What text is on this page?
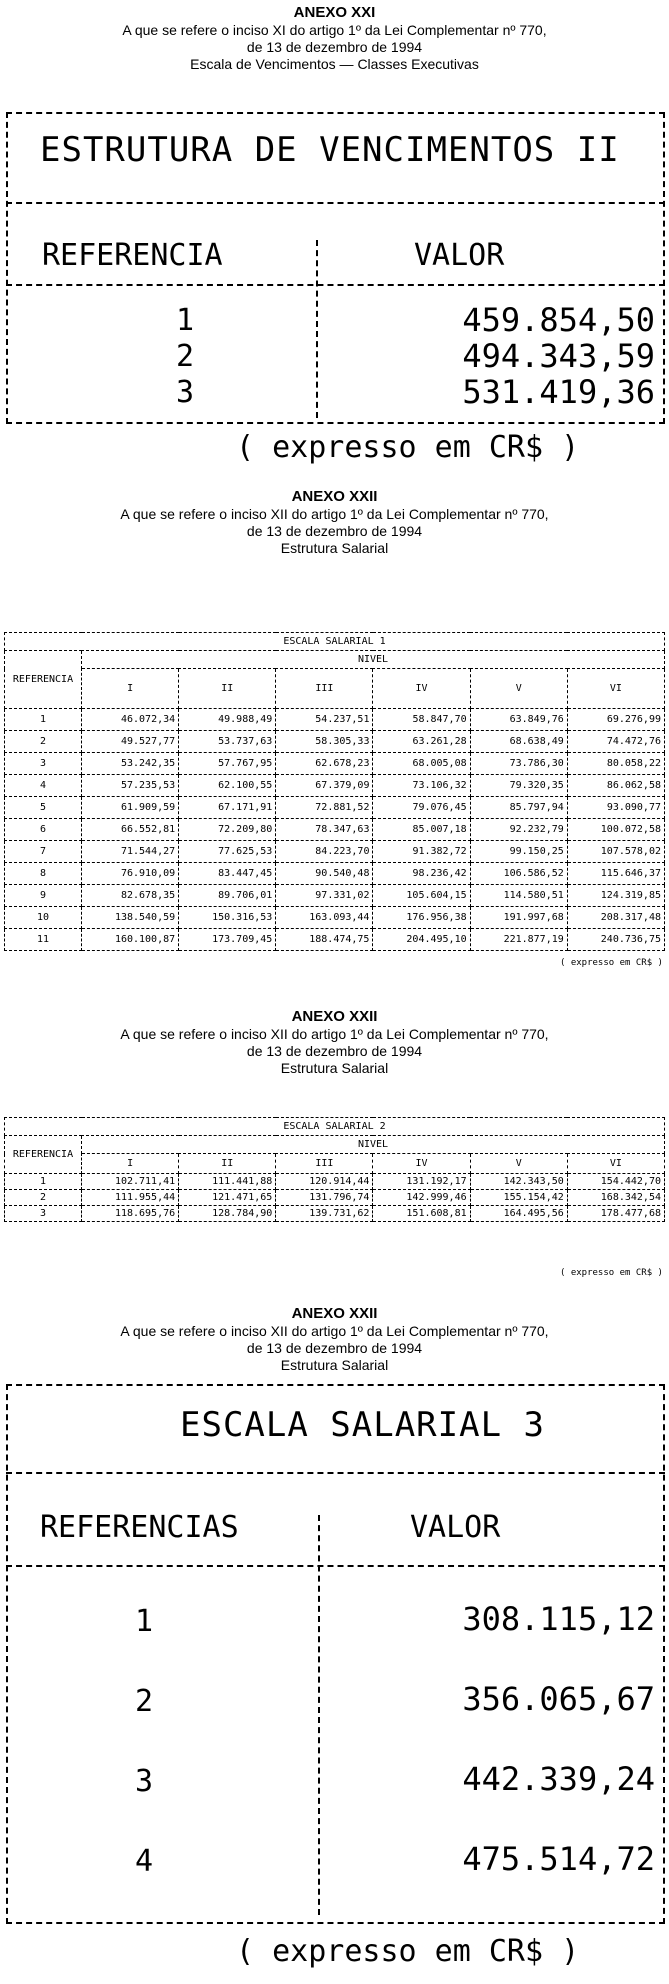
ANEXO XXI
A que se refere o inciso XI do artigo 1º da Lei Complementar nº 770,
de 13 de dezembro de 1994
Escala de Vencimentos — Classes Executivas
ESTRUTURA DE VENCIMENTOS II
REFERENCIA	VALOR
1	459.854,50
2	494.343,59
3	531.419,36
( expresso em CR$ )
ANEXO XXII
A que se refere o inciso XII do artigo 1º da Lei Complementar nº 770,
de 13 de dezembro de 1994
Estrutura Salarial
ESCALA SALARIAL 1						
REFERENCIA	NIVEL					
	I	II	III	IV	V	VI
1	46.072,34	49.988,49	54.237,51	58.847,70	63.849,76	69.276,99
2	49.527,77	53.737,63	58.305,33	63.261,28	68.638,49	74.472,76
3	53.242,35	57.767,95	62.678,23	68.005,08	73.786,30	80.058,22
4	57.235,53	62.100,55	67.379,09	73.106,32	79.320,35	86.062,58
5	61.909,59	67.171,91	72.881,52	79.076,45	85.797,94	93.090,77
6	66.552,81	72.209,80	78.347,63	85.007,18	92.232,79	100.072,58
7	71.544,27	77.625,53	84.223,70	91.382,72	99.150,25	107.578,02
8	76.910,09	83.447,45	90.540,48	98.236,42	106.586,52	115.646,37
9	82.678,35	89.706,01	97.331,02	105.604,15	114.580,51	124.319,85
10	138.540,59	150.316,53	163.093,44	176.956,38	191.997,68	208.317,48
11	160.100,87	173.709,45	188.474,75	204.495,10	221.877,19	240.736,75
( expresso em CR$ )
ANEXO XXII
A que se refere o inciso XII do artigo 1º da Lei Complementar nº 770,
de 13 de dezembro de 1994
Estrutura Salarial
ESCALA SALARIAL 2						
REFERENCIA	NIVEL					
	I	II	III	IV	V	VI
1	102.711,41	111.441,88	120.914,44	131.192,17	142.343,50	154.442,70
2	111.955,44	121.471,65	131.796,74	142.999,46	155.154,42	168.342,54
3	118.695,76	128.784,90	139.731,62	151.608,81	164.495,56	178.477,68
( expresso em CR$ )
ANEXO XXII
A que se refere o inciso XII do artigo 1º da Lei Complementar nº 770,
de 13 de dezembro de 1994
Estrutura Salarial
ESCALA SALARIAL 3
REFERENCIAS	VALOR
1	308.115,12
2	356.065,67
3	442.339,24
4	475.514,72
( expresso em CR$ )
